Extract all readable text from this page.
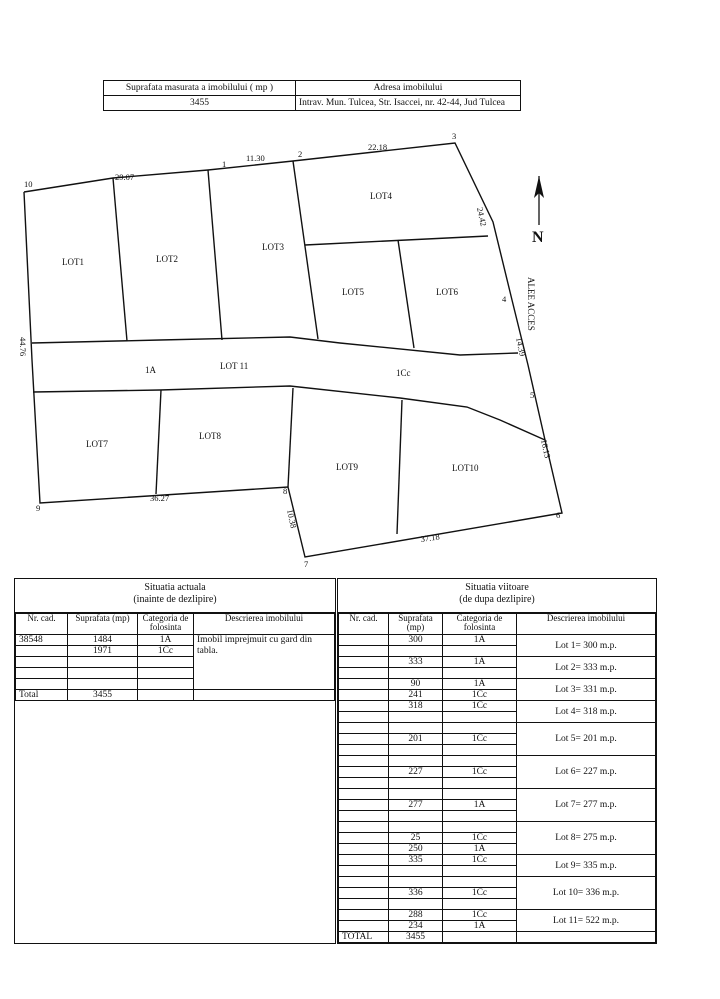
Suprafata masurata a imobilului ( mp )	Adresa imobilului
3455	Intrav. Mun. Tulcea, Str. Isaccei, nr. 42-44, Jud Tulcea
N
LOT1	LOT2
LOT3
LOT4
LOT5	LOT6
LOT7
LOT8
LOT9	LOT10
LOT 11
1A	1Cc
1
2
3
4
5
6
7
8
9
10
29.07
11.30
22.18
24.42
14.39
16.13
37.18
10.38
36.27
44.76
ALEE ACCES
Situatia actuala
(inainte de dezlipire)
Nr. cad.	Suprafata (mp)	Categoria de folosinta	Descrierea imobilului
38548	1484	1A	Imobil imprejmuit cu gard din tabla.
	1971	1Cc	

Total	3455		
Situatia viitoare
(de dupa dezlipire)
Nr. cad.	Suprafata (mp)	Categoria de folosinta	Descrierea imobilului
	300	1A	Lot 1= 300 m.p.

	333	1A	Lot 2= 333 m.p.

	90	1A	Lot 3= 331 m.p.
	241	1Cc	
	318	1Cc	Lot 4= 318 m.p.

			Lot 5= 201 m.p.
	201	1Cc	

			Lot 6= 227 m.p.
	227	1Cc	

			Lot 7= 277 m.p.
	277	1A	

			Lot 8= 275 m.p.
	25	1Cc	
	250	1A	
	335	1Cc	Lot 9= 335 m.p.

			Lot 10= 336 m.p.
	336	1Cc	

	288	1Cc	Lot 11= 522 m.p.
	234	1A	
TOTAL	3455		
